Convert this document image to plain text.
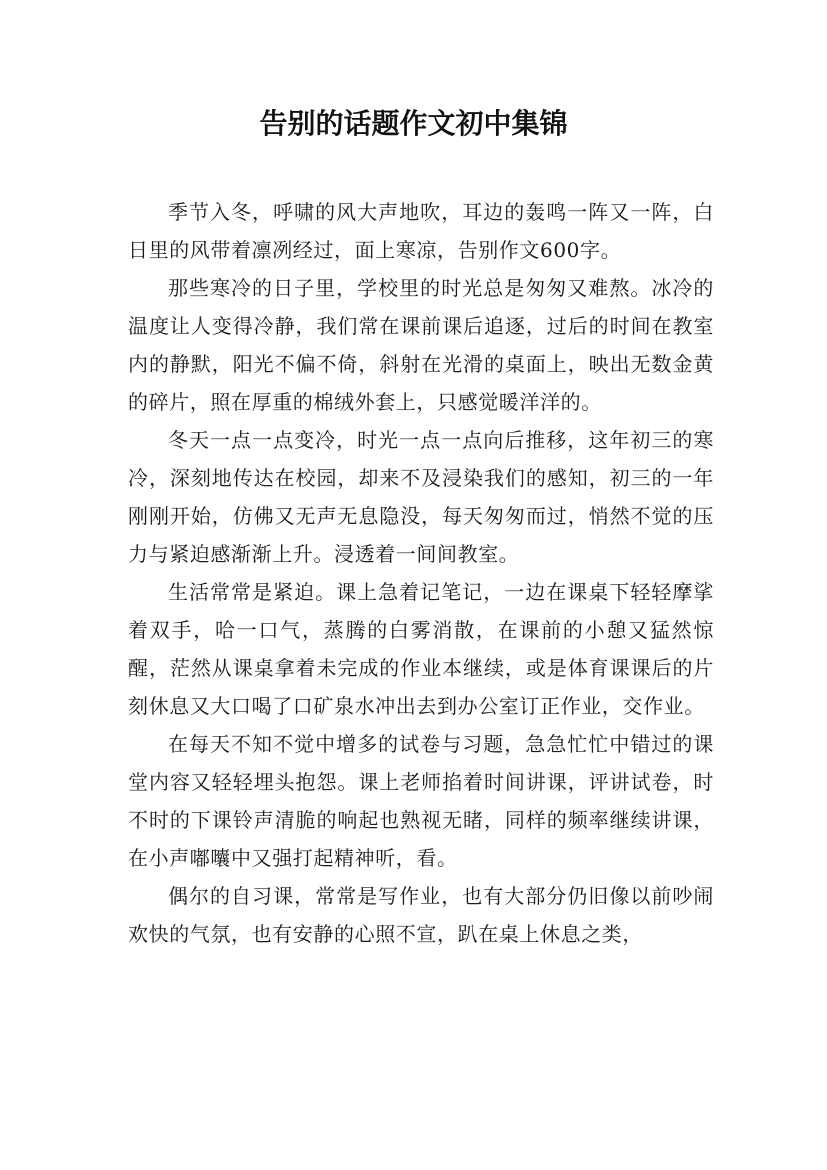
告别的话题作文初中集锦

季节入冬，呼啸的风大声地吹，耳边的轰鸣一阵又一阵，白日里的风带着凛冽经过，面上寒凉，告别作文600字。

那些寒冷的日子里，学校里的时光总是匆匆又难熬。冰冷的温度让人变得冷静，我们常在课前课后追逐，过后的时间在教室内的静默，阳光不偏不倚，斜射在光滑的桌面上，映出无数金黄的碎片，照在厚重的棉绒外套上，只感觉暖洋洋的。

冬天一点一点变冷，时光一点一点向后推移，这年初三的寒冷，深刻地传达在校园，却来不及浸染我们的感知，初三的一年刚刚开始，仿佛又无声无息隐没，每天匆匆而过，悄然不觉的压力与紧迫感渐渐上升。浸透着一间间教室。

生活常常是紧迫。课上急着记笔记，一边在课桌下轻轻摩挲着双手，哈一口气，蒸腾的白雾消散，在课前的小憩又猛然惊醒，茫然从课桌拿着未完成的作业本继续，或是体育课课后的片刻休息又大口喝了口矿泉水冲出去到办公室订正作业，交作业。

在每天不知不觉中增多的试卷与习题，急急忙忙中错过的课堂内容又轻轻埋头抱怨。课上老师掐着时间讲课，评讲试卷，时不时的下课铃声清脆的响起也熟视无睹，同样的频率继续讲课，在小声嘟囔中又强打起精神听，看。

偶尔的自习课，常常是写作业，也有大部分仍旧像以前吵闹欢快的气氛，也有安静的心照不宣，趴在桌上休息之类，
